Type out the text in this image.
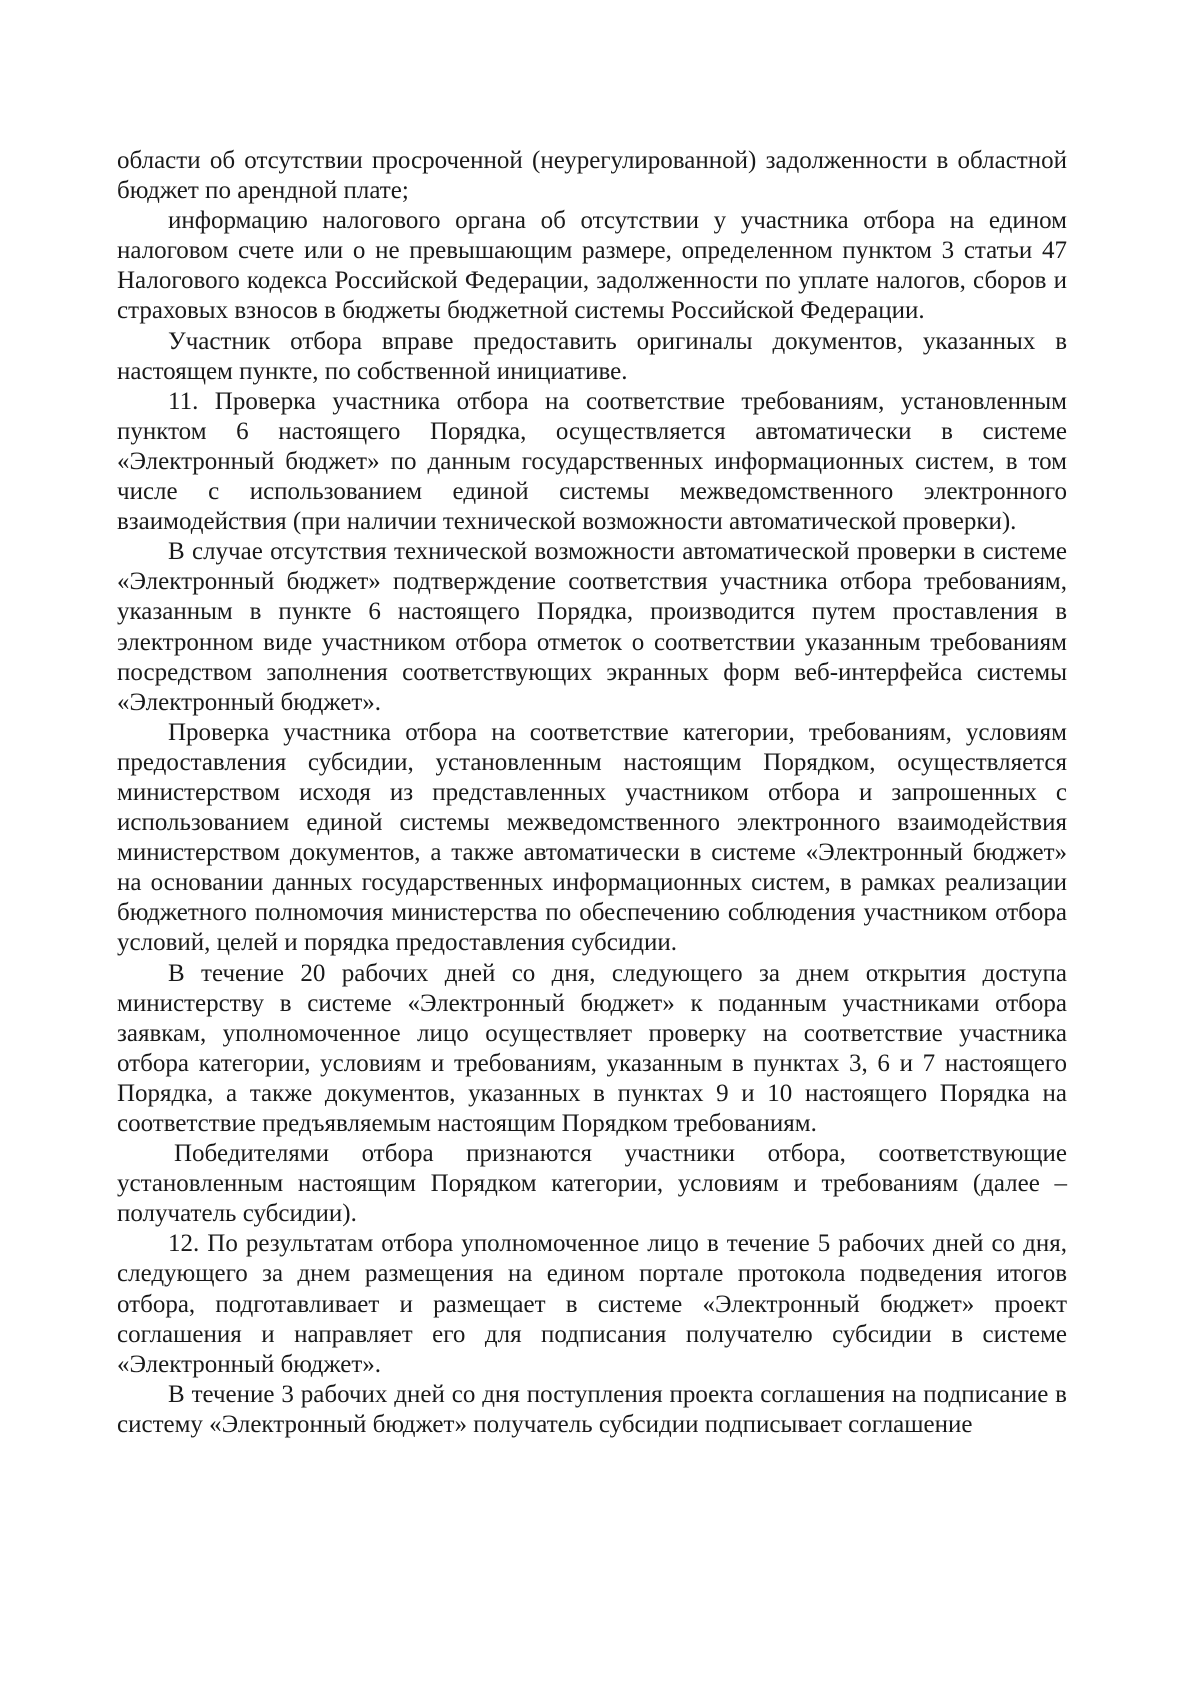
области об отсутствии просроченной (неурегулированной) задолженности в областной бюджет по арендной плате;

информацию налогового органа об отсутствии у участника отбора на едином налоговом счете или о не превышающим размере, определенном пунктом 3 статьи 47 Налогового кодекса Российской Федерации, задолженности по уплате налогов, сборов и страховых взносов в бюджеты бюджетной системы Российской Федерации.

Участник отбора вправе предоставить оригиналы документов, указанных в настоящем пункте, по собственной инициативе.

11. Проверка участника отбора на соответствие требованиям, установленным пунктом 6 настоящего Порядка, осуществляется автоматически в системе «Электронный бюджет» по данным государственных информационных систем, в том числе с использованием единой системы межведомственного электронного взаимодействия (при наличии технической возможности автоматической проверки).

В случае отсутствия технической возможности автоматической проверки в системе «Электронный бюджет» подтверждение соответствия участника отбора требованиям, указанным в пункте 6 настоящего Порядка, производится путем проставления в электронном виде участником отбора отметок о соответствии указанным требованиям посредством заполнения соответствующих экранных форм веб-интерфейса системы «Электронный бюджет».

Проверка участника отбора на соответствие категории, требованиям, условиям предоставления субсидии, установленным настоящим Порядком, осуществляется министерством исходя из представленных участником отбора и запрошенных с использованием единой системы межведомственного электронного взаимодействия министерством документов, а также автоматически в системе «Электронный бюджет» на основании данных государственных информационных систем, в рамках реализации бюджетного полномочия министерства по обеспечению соблюдения участником отбора условий, целей и порядка предоставления субсидии.

В течение 20 рабочих дней со дня, следующего за днем открытия доступа министерству в системе «Электронный бюджет» к поданным участниками отбора заявкам, уполномоченное лицо осуществляет проверку на соответствие участника отбора категории, условиям и требованиям, указанным в пунктах 3, 6 и 7 настоящего Порядка, а также документов, указанных в пунктах 9 и 10 настоящего Порядка на соответствие предъявляемым настоящим Порядком требованиям.

Победителями отбора признаются участники отбора, соответствующие установленным настоящим Порядком категории, условиям и требованиям (далее – получатель субсидии).

12. По результатам отбора уполномоченное лицо в течение 5 рабочих дней со дня, следующего за днем размещения на едином портале протокола подведения итогов отбора, подготавливает и размещает в системе «Электронный бюджет» проект соглашения и направляет его для подписания получателю субсидии в системе «Электронный бюджет».

В течение 3 рабочих дней со дня поступления проекта соглашения на подписание в систему «Электронный бюджет» получатель субсидии подписывает соглашение
